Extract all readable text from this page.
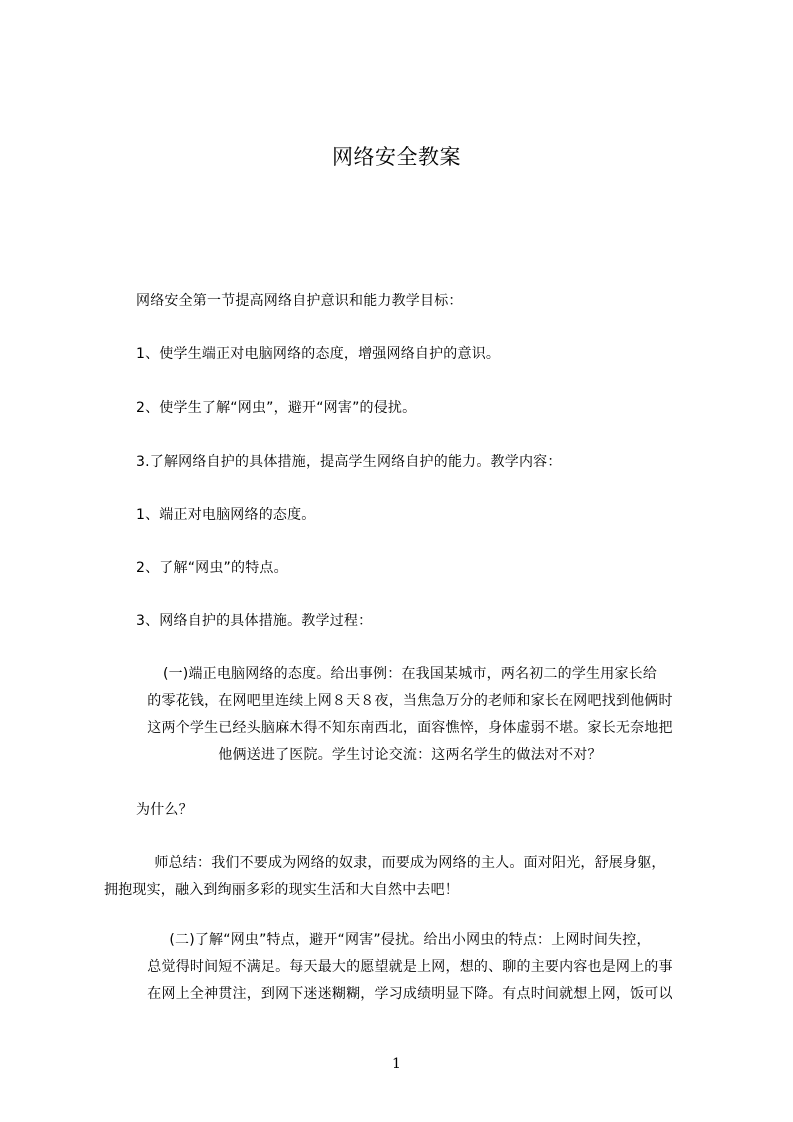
网络安全教案
网络安全第一节提高网络自护意识和能力教学目标：
1、使学生端正对电脑网络的态度，增强网络自护的意识。
2、使学生了解“网虫”，避开“网害”的侵扰。
3.了解网络自护的具体措施，提高学生网络自护的能力。教学内容：
1、端正对电脑网络的态度。
2、了解“网虫”的特点。
3、网络自护的具体措施。教学过程：
(一)端正电脑网络的态度。给出事例：在我国某城市，两名初二的学生用家长给
的零花钱，在网吧里连续上网８天８夜，当焦急万分的老师和家长在网吧找到他俩时
这两个学生已经头脑麻木得不知东南西北，面容憔悴，身体虚弱不堪。家长无奈地把
他俩送进了医院。学生讨论交流：这两名学生的做法对不对？
为什么？
师总结：我们不要成为网络的奴隶，而要成为网络的主人。面对阳光，舒展身躯，
拥抱现实，融入到绚丽多彩的现实生活和大自然中去吧！
(二)了解“网虫”特点，避开“网害”侵扰。给出小网虫的特点：上网时间失控，
总觉得时间短不满足。每天最大的愿望就是上网，想的、聊的主要内容也是网上的事
在网上全神贯注，到网下迷迷糊糊，学习成绩明显下降。有点时间就想上网，饭可以
1
